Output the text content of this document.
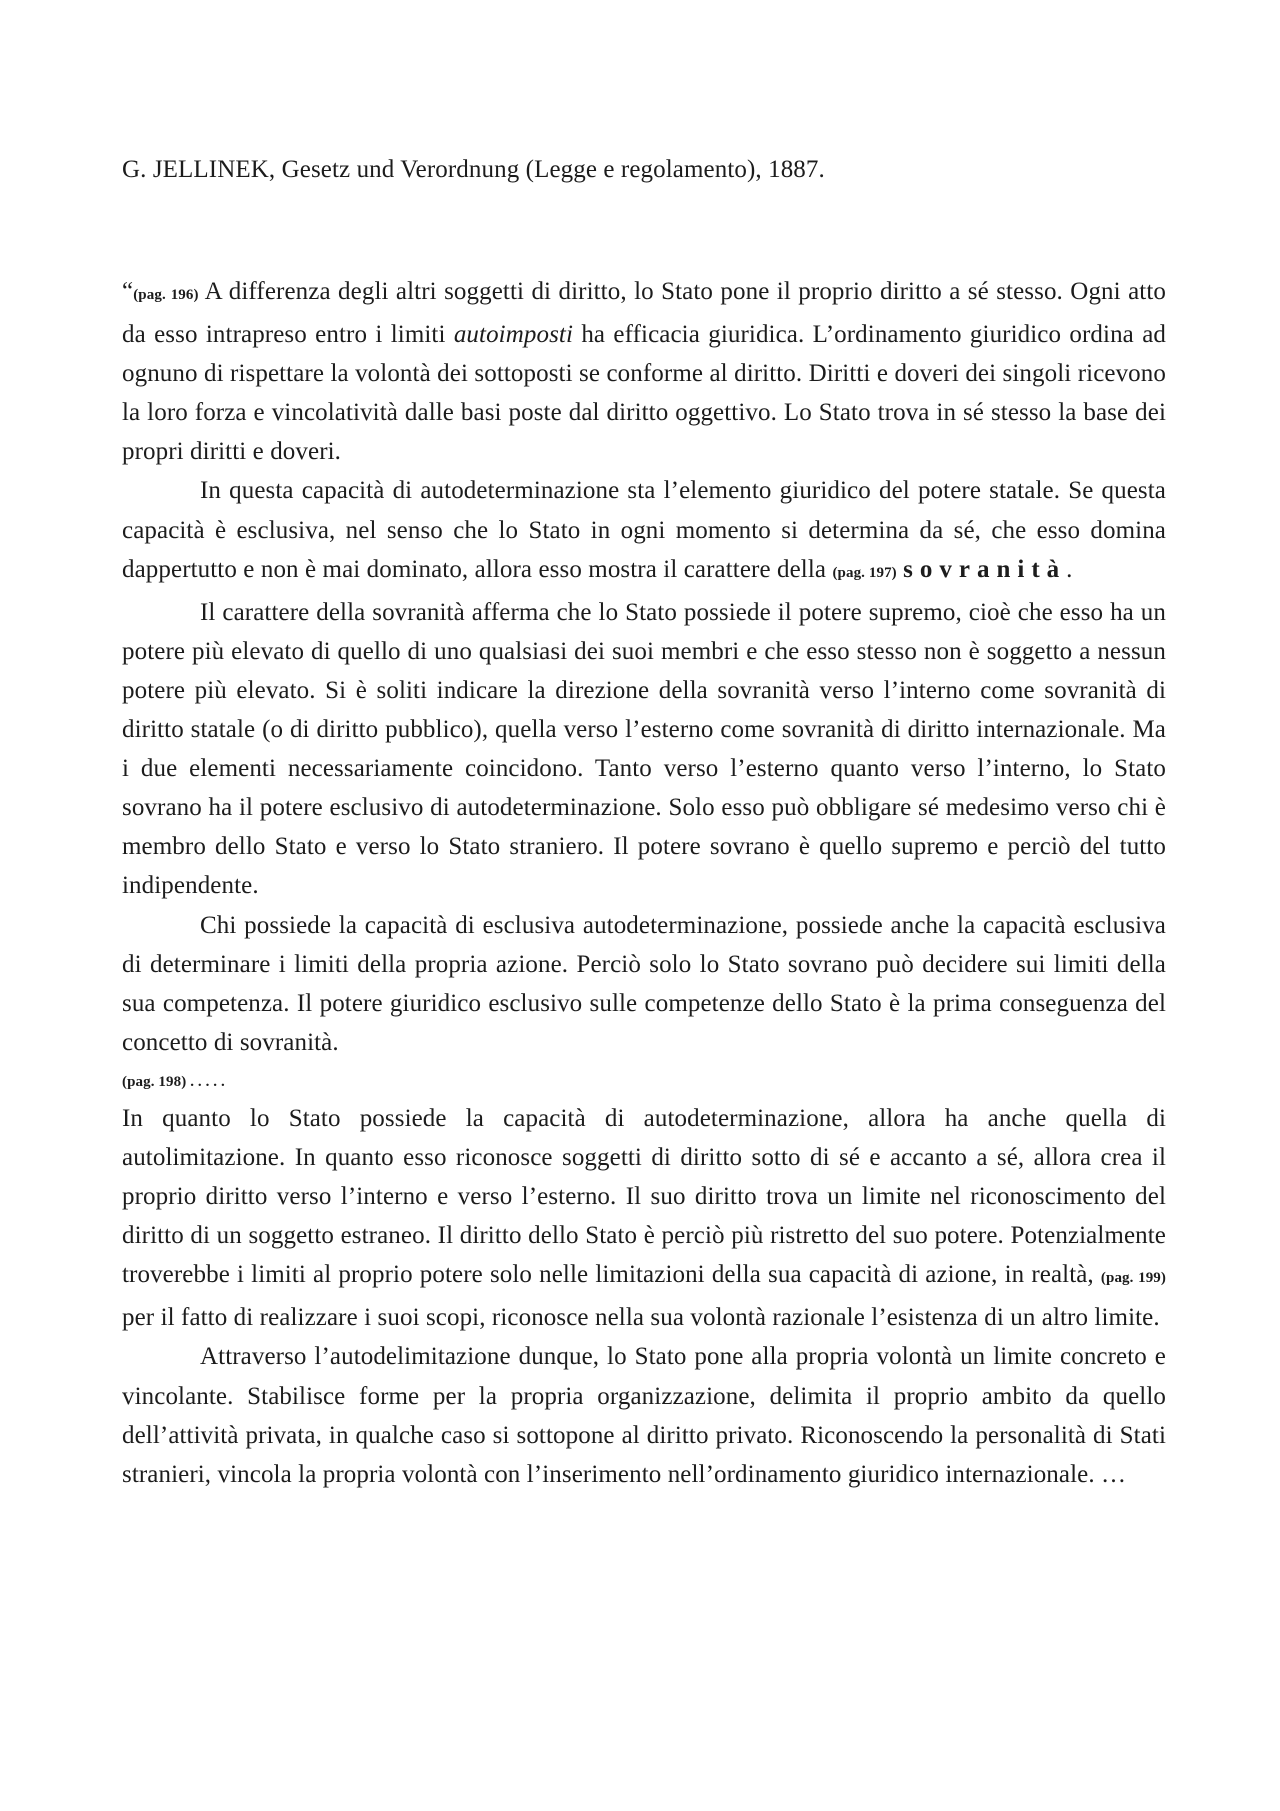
G. JELLINEK, Gesetz und Verordnung (Legge e regolamento), 1887.

“(pag. 196) A differenza degli altri soggetti di diritto, lo Stato pone il proprio diritto a sé stesso. Ogni atto da esso intrapreso entro i limiti autoimposti ha efficacia giuridica. L’ordinamento giuridico ordina ad ognuno di rispettare la volontà dei sottoposti se conforme al diritto. Diritti e doveri dei singoli ricevono la loro forza e vincolatività dalle basi poste dal diritto oggettivo. Lo Stato trova in sé stesso la base dei propri diritti e doveri.

In questa capacità di autodeterminazione sta l’elemento giuridico del potere statale. Se questa capacità è esclusiva, nel senso che lo Stato in ogni momento si determina da sé, che esso domina dappertutto e non è mai dominato, allora esso mostra il carattere della (pag. 197) sovranità.

Il carattere della sovranità afferma che lo Stato possiede il potere supremo, cioè che esso ha un potere più elevato di quello di uno qualsiasi dei suoi membri e che esso stesso non è soggetto a nessun potere più elevato. Si è soliti indicare la direzione della sovranità verso l’interno come sovranità di diritto statale (o di diritto pubblico), quella verso l’esterno come sovranità di diritto internazionale. Ma i due elementi necessariamente coincidono. Tanto verso l’esterno quanto verso l’interno, lo Stato sovrano ha il potere esclusivo di autodeterminazione. Solo esso può obbligare sé medesimo verso chi è membro dello Stato e verso lo Stato straniero. Il potere sovrano è quello supremo e perciò del tutto indipendente.

Chi possiede la capacità di esclusiva autodeterminazione, possiede anche la capacità esclusiva di determinare i limiti della propria azione. Perciò solo lo Stato sovrano può decidere sui limiti della sua competenza. Il potere giuridico esclusivo sulle competenze dello Stato è la prima conseguenza del concetto di sovranità.

(pag. 198) . . . . .

In quanto lo Stato possiede la capacità di autodeterminazione, allora ha anche quella di autolimitazione. In quanto esso riconosce soggetti di diritto sotto di sé e accanto a sé, allora crea il proprio diritto verso l’interno e verso l’esterno. Il suo diritto trova un limite nel riconoscimento del diritto di un soggetto estraneo. Il diritto dello Stato è perciò più ristretto del suo potere. Potenzialmente troverebbe i limiti al proprio potere solo nelle limitazioni della sua capacità di azione, in realtà, (pag. 199) per il fatto di realizzare i suoi scopi, riconosce nella sua volontà razionale l’esistenza di un altro limite.

Attraverso l’autodelimitazione dunque, lo Stato pone alla propria volontà un limite concreto e vincolante. Stabilisce forme per la propria organizzazione, delimita il proprio ambito da quello dell’attività privata, in qualche caso si sottopone al diritto privato. Riconoscendo la personalità di Stati stranieri, vincola la propria volontà con l’inserimento nell’ordinamento giuridico internazionale. …
